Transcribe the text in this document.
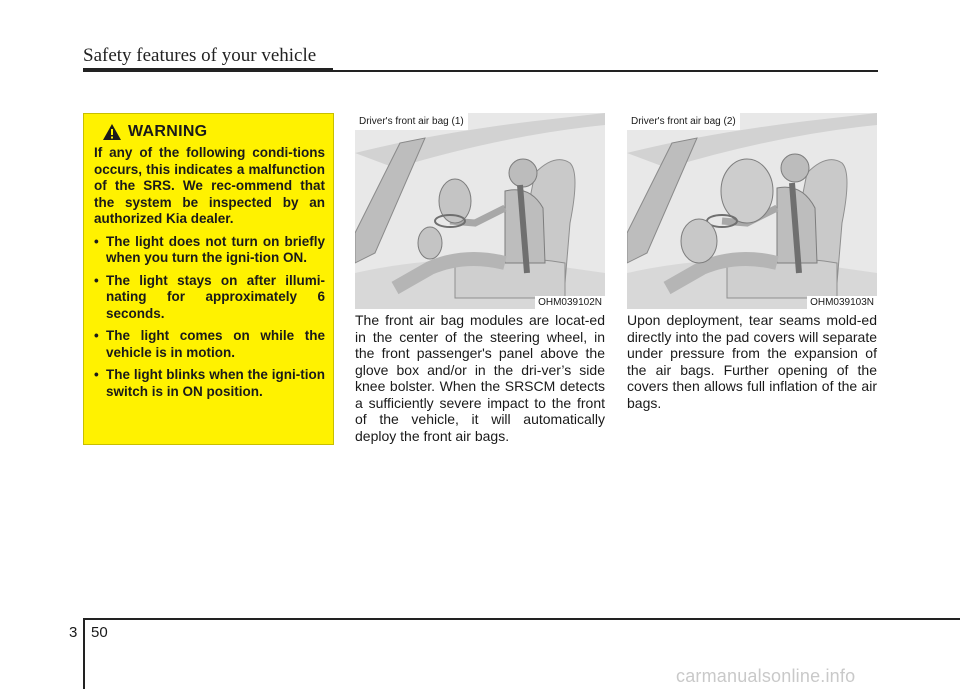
Safety features of your vehicle
WARNING

If any of the following condi-tions occurs, this indicates a malfunction of the SRS. We rec-ommend that the system be inspected by an authorized Kia dealer.

• The light does not turn on briefly when you turn the igni-tion ON.
• The light stays on after illumi-nating for approximately 6 seconds.
• The light comes on while the vehicle is in motion.
• The light blinks when the igni-tion switch is in ON position.
Driver's front air bag (1)
OHM039102N
Driver's front air bag (2)
OHM039103N

The front air bag modules are locat-ed in the center of the steering wheel, in the front passenger's panel above the glove box and/or in the dri-ver’s side knee bolster. When the SRSCM detects a sufficiently severe impact to the front of the vehicle, it will automatically deploy the front air bags.

Upon deployment, tear seams mold-ed directly into the pad covers will separate under pressure from the expansion of the air bags. Further opening of the covers then allows full inflation of the air bags.

3 50
carmanualsonline.info
